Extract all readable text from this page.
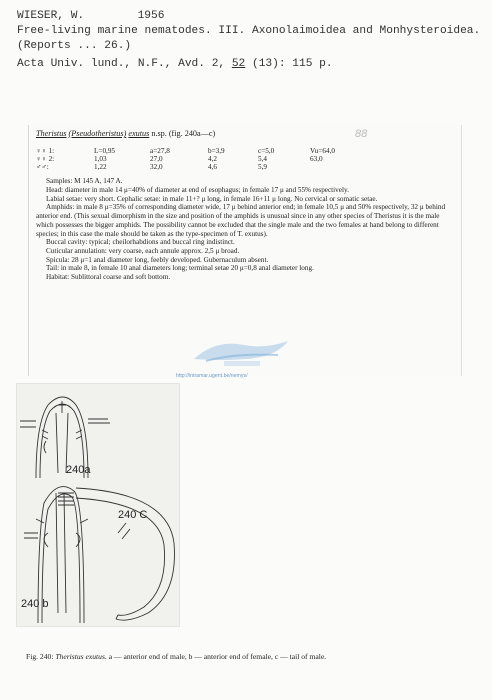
WIESER, W.	1956
Free-living marine nematodes. III. Axonolaimoidea and Monhysteroidea.
(Reports ... 26.)
Acta Univ. lund., N.F., Avd. 2, 52 (13): 115 p.
88
Theristus (Pseudotheristus) exutus n.sp. (fig. 240a—c)
♀♀ 1:	L=0,95	a=27,8	b=3,9	c=5,0	Vu=64,0
♀♀ 2:	1,03	27,0	4,2	5,4	63,0
♂♂:	1,22	32,0	4,6	5,9	

Samples: M 145 A, 147 A.

Head: diameter in male 14 μ=40% of diameter at end of esophagus; in female 17 μ and 55% respectively.

Labial setae: very short. Cephalic setae: in male 11+? μ long, in female 16+11 μ long. No cervical or somatic setae.

Amphids: in male 8 μ=35% of corresponding diameter wide, 17 μ behind anterior end; in female 10,5 μ and 50% respectively, 32 μ behind anterior end. (This sexual dimorphism in the size and position of the amphids is unusual since in any other species of Theristus it is the male which possesses the bigger amphids. The possibility cannot be excluded that the single male and the two females at hand belong to different species; in this case the male should be taken as the type-specimen of T. exutus).

Buccal cavity: typical; cheilorhabdions and buccal ring indistinct.

Cuticular annulation: very coarse, each annule approx. 2,5 μ broad.

Spicula: 28 μ=1 anal diameter long, feebly developed. Gubernaculum absent.

Tail: in male 8, in female 10 anal diameters long; terminal setae 20 μ=0,8 anal diameter long.

Habitat: Sublittoral coarse and soft bottom.

http://intramar.ugent.be/nemys/
240a
240 C
240 b
Fig. 240: Theristus exutus. a — anterior end of male, b — anterior end of female, c — tail of male.
